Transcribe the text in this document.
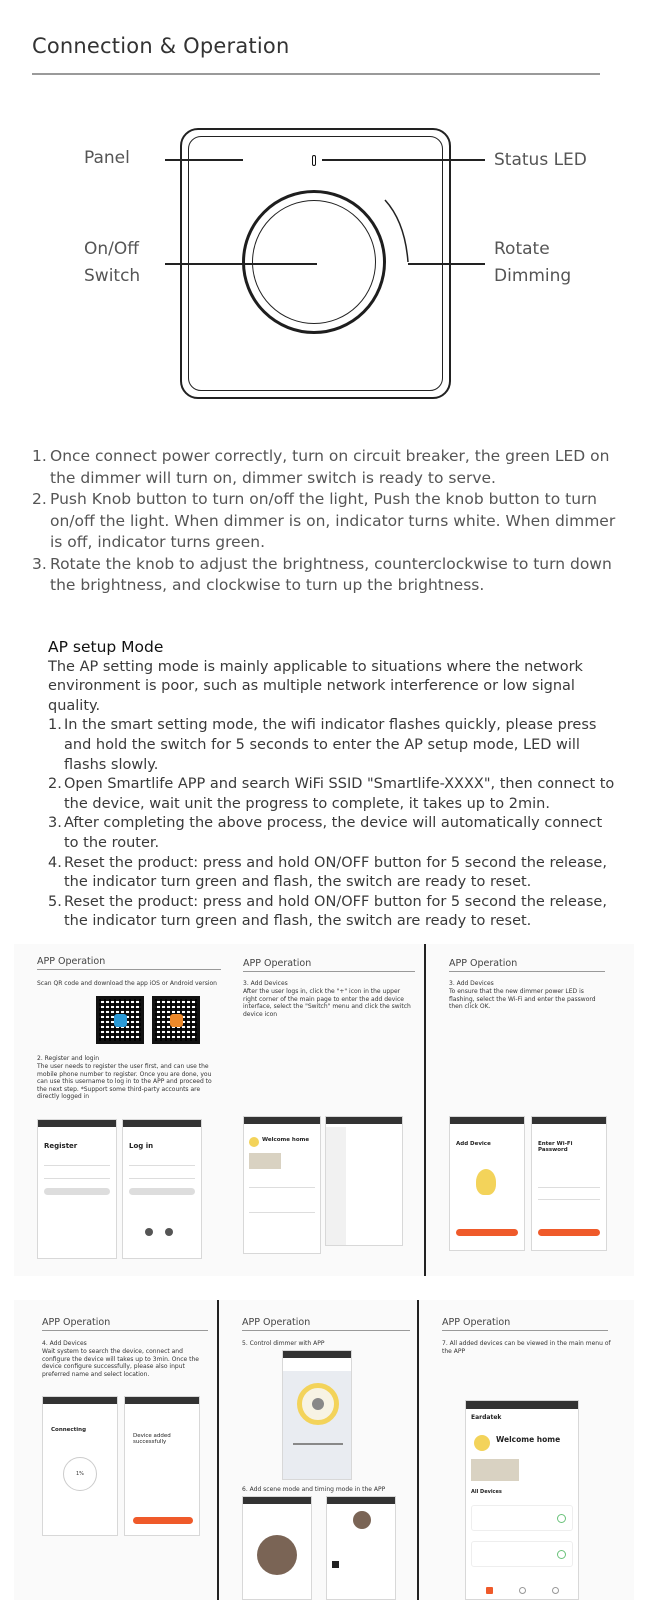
Connection & Operation
Panel	Status LED
On/Off
Switch
Rotate
Dimming
1. Once connect power correctly, turn on circuit breaker, the green LED on the dimmer will turn on, dimmer switch is ready to serve.
2. Push Knob button to turn on/off the light, Push the knob button to turn on/off the light. When dimmer is on, indicator turns white. When dimmer is off, indicator turns green.
3. Rotate the knob to adjust the brightness, counterclockwise to turn down the brightness, and clockwise to turn up the brightness.
AP setup Mode
The AP setting mode is mainly applicable to situations where the network environment is poor, such as multiple network interference or low signal quality.
1. In the smart setting mode, the wifi indicator flashes quickly, please press and hold the switch for 5 seconds to enter the AP setup mode, LED will flashs slowly.
2. Open Smartlife APP and search WiFi SSID "Smartlife-XXXX", then connect to the device, wait unit the progress to complete, it takes up to 2min.
3. After completing the above process, the device will automatically connect to the router.
4. Reset the product: press and hold ON/OFF button for 5 second the release, the indicator turn green and flash, the switch are ready to reset.
5. Reset the product: press and hold ON/OFF button for 5 second the release, the indicator turn green and flash, the switch are ready to reset.
APP Operation
Scan QR code and download the app iOS or Android version
2. Register and login
The user needs to register the user first, and can use the mobile phone number to register. Once you are done, you can use this username to log in to the APP and proceed to the next step. *Support some third-party accounts are directly logged in
Register	Log in
APP Operation
3. Add Devices
After the user logs in, click the "+" icon in the upper right corner of the main page to enter the add device interface, select the "Switch" menu and click the switch device icon
Welcome home
APP Operation
3. Add Devices
To ensure that the new dimmer power LED is flashing, select the Wi-Fi and enter the password then click OK.
Add Device	Enter Wi-Fi Password
APP Operation
4. Add Devices
Wait system to search the device, connect and configure the device will takes up to 3min. Once the device configure successfully, please also input preferred name and select location.
Connecting
1%
Device added successfully
APP Operation
5. Control dimmer with APP
6. Add scene mode and timing mode in the APP
APP Operation
7. All added devices can be viewed in the main menu of the APP
Eardatek
Welcome home
All Devices
